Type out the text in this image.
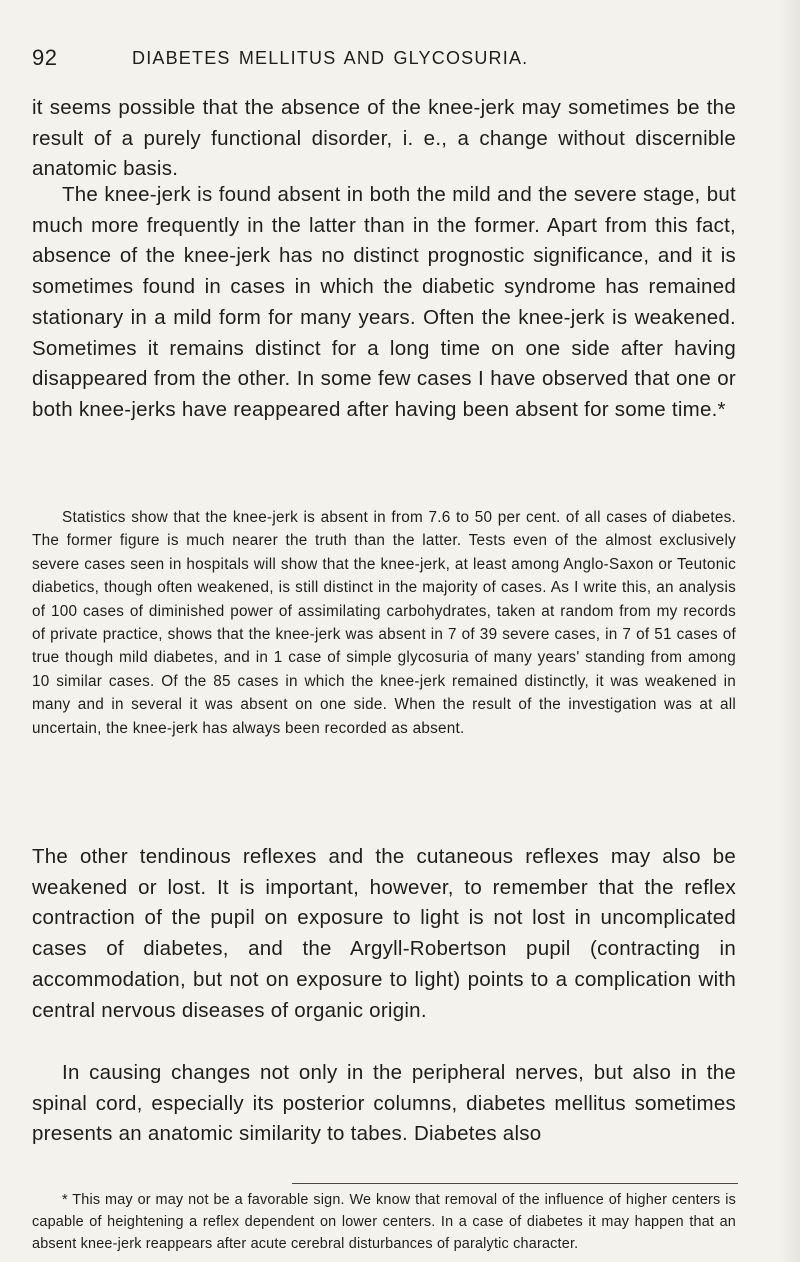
92	DIABETES MELLITUS AND GLYCOSURIA.

it seems possible that the absence of the knee-jerk may sometimes be the result of a purely functional disorder, i. e., a change without discernible anatomic basis.

The knee-jerk is found absent in both the mild and the severe stage, but much more frequently in the latter than in the former. Apart from this fact, absence of the knee-jerk has no distinct prognostic significance, and it is sometimes found in cases in which the diabetic syndrome has remained stationary in a mild form for many years. Often the knee-jerk is weakened. Sometimes it remains distinct for a long time on one side after having disappeared from the other. In some few cases I have observed that one or both knee-jerks have reappeared after having been absent for some time.*

Statistics show that the knee-jerk is absent in from 7.6 to 50 per cent. of all cases of diabetes. The former figure is much nearer the truth than the latter. Tests even of the almost exclusively severe cases seen in hospitals will show that the knee-jerk, at least among Anglo-Saxon or Teutonic diabetics, though often weakened, is still distinct in the majority of cases. As I write this, an analysis of 100 cases of diminished power of assimilating carbohydrates, taken at random from my records of private practice, shows that the knee-jerk was absent in 7 of 39 severe cases, in 7 of 51 cases of true though mild diabetes, and in 1 case of simple glycosuria of many years' standing from among 10 similar cases. Of the 85 cases in which the knee-jerk remained distinctly, it was weakened in many and in several it was absent on one side. When the result of the investigation was at all uncertain, the knee-jerk has always been recorded as absent.

The other tendinous reflexes and the cutaneous reflexes may also be weakened or lost. It is important, however, to remember that the reflex contraction of the pupil on exposure to light is not lost in uncomplicated cases of diabetes, and the Argyll-Robertson pupil (contracting in accommodation, but not on exposure to light) points to a complication with central nervous diseases of organic origin.

In causing changes not only in the peripheral nerves, but also in the spinal cord, especially its posterior columns, diabetes mellitus sometimes presents an anatomic similarity to tabes. Diabetes also

* This may or may not be a favorable sign. We know that removal of the influence of higher centers is capable of heightening a reflex dependent on lower centers. In a case of diabetes it may happen that an absent knee-jerk reappears after acute cerebral disturbances of paralytic character.
